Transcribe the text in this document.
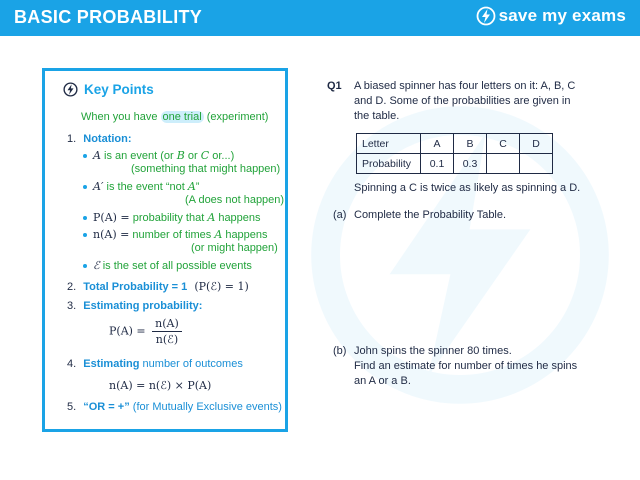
BASIC PROBABILITY	save my exams
Key Points
When you have one trial (experiment)
1. Notation:
A is an event (or B or C or...)
(something that might happen)
A′ is the event “not A”
(A does not happen)
P(A) = probability that A happens
n(A) = number of times A happens
(or might happen)
ℰ is the set of all possible events
2. Total Probability = 1 (P(ℰ) = 1)
3. Estimating probability:
$P(A) = \frac{n(A)}{\text{n(ℰ)}}$
4. Estimating number of outcomes
n(A) = n(ℰ) × P(A)
5. “OR = +” (for Mutually Exclusive events)
Q1 A biased spinner has four letters on it: A, B, C
and D. Some of the probabilities are given in
the table.
Letter	A	B	C	D
Probability	0.1	0.3		
Spinning a C is twice as likely as spinning a D.
(a) Complete the Probability Table.
(b) John spins the spinner 80 times.
Find an estimate for number of times he spins
an A or a B.
